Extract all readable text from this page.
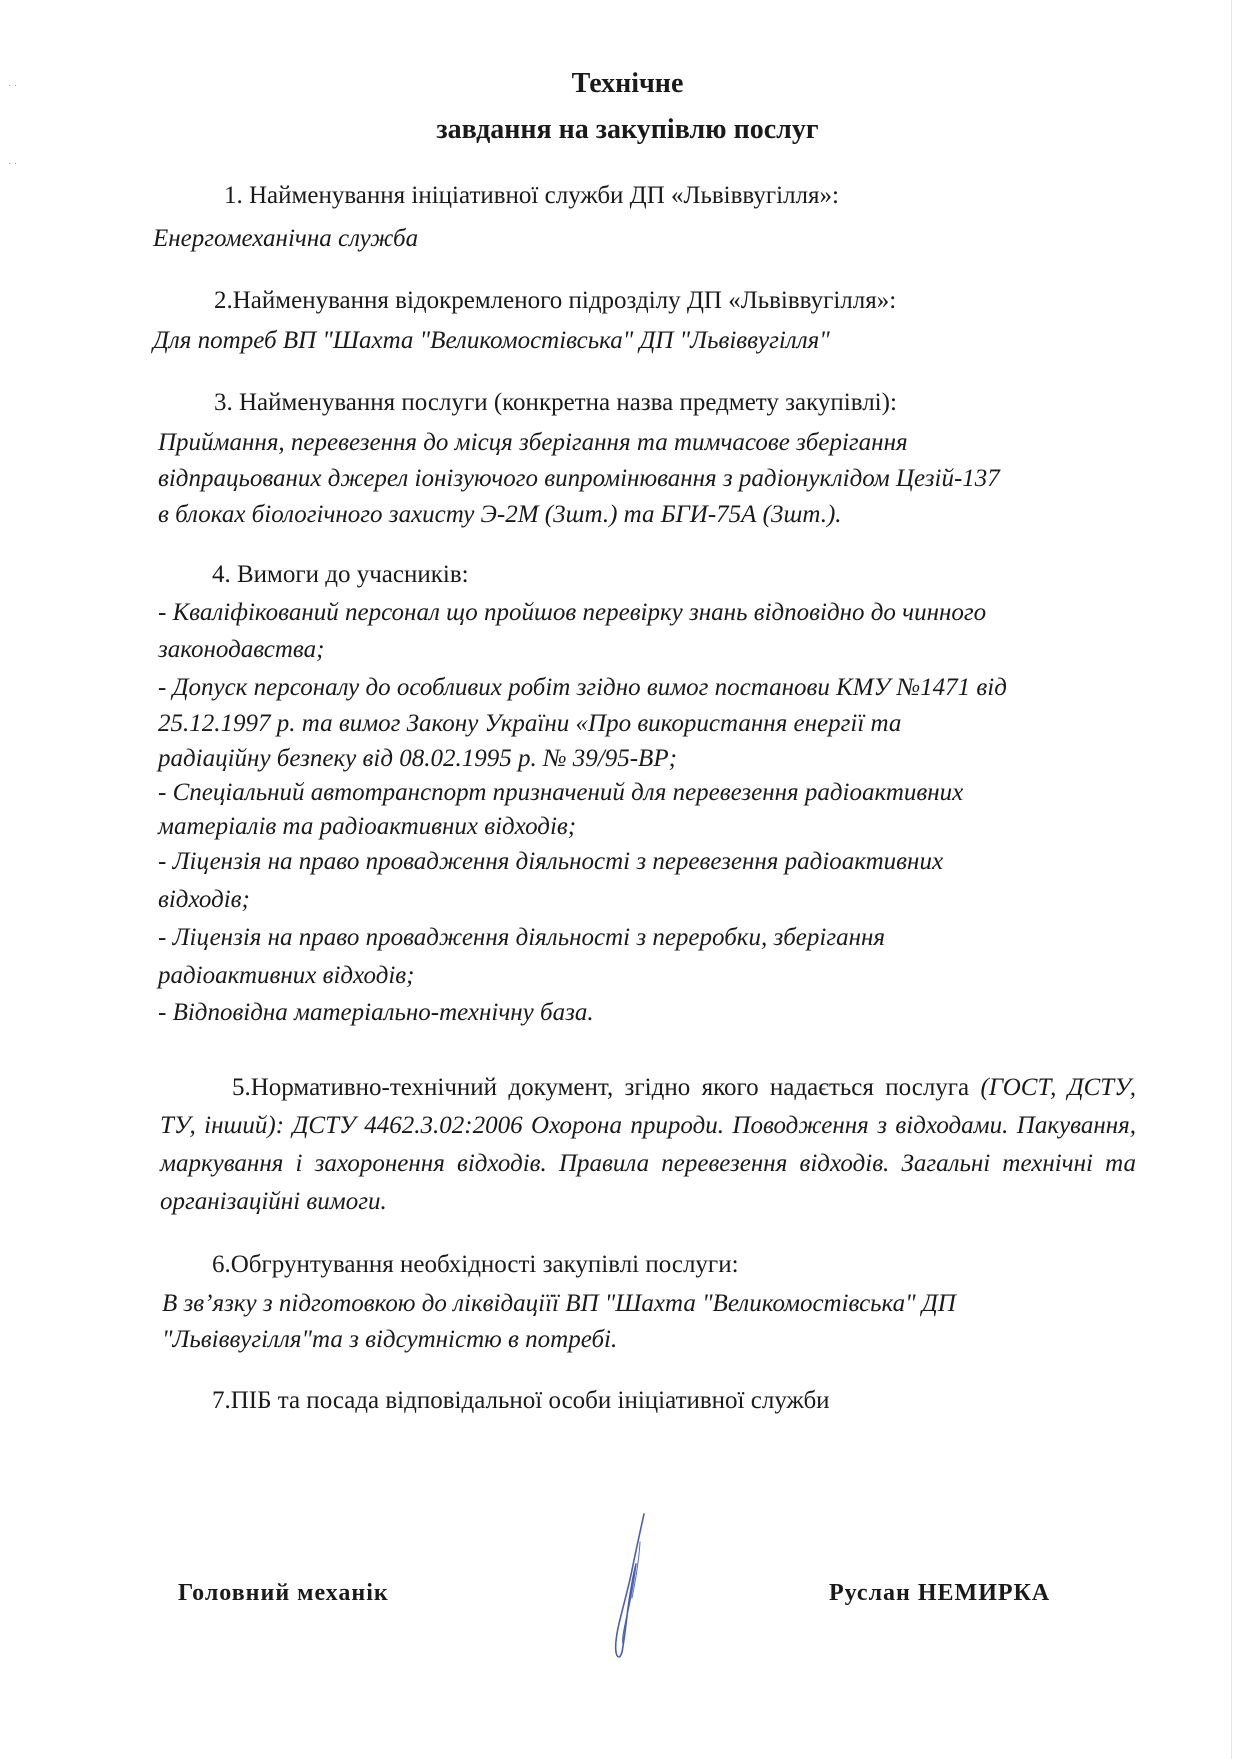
· ·
· ·
Технічне
завдання на закупівлю послуг

1. Найменування ініціативної служби ДП «Львіввугілля»:

Енергомеханічна служба

2.Найменування відокремленого підрозділу ДП «Львіввугілля»:

Для потреб ВП "Шахта "Великомостівська" ДП "Львіввугілля"

3. Найменування послуги (конкретна назва предмету закупівлі):

Приймання, перевезення до місця зберігання та тимчасове зберігання

відпрацьованих джерел іонізуючого випромінювання з радіонуклідом Цезій-137

в блоках біологічного захисту Э-2М (3шт.) та БГИ-75А (3шт.).

4. Вимоги до учасників:

- Кваліфікований персонал що пройшов перевірку знань відповідно до чинного

законодавства;

- Допуск персоналу до особливих робіт згідно вимог постанови КМУ №1471 від

25.12.1997 р. та вимог Закону України «Про використання енергії та

радіаційну безпеку від 08.02.1995 р. № 39/95-ВР;

- Спеціальний автотранспорт призначений для перевезення радіоактивних

матеріалів та радіоактивних відходів;

- Ліцензія на право провадження діяльності з перевезення радіоактивних

відходів;

- Ліцензія на право провадження діяльності з переробки, зберігання

радіоактивних відходів;

- Відповідна матеріально-технічну база.

5.Нормативно-технічний документ, згідно якого надається послуга (ГОСТ, ДСТУ, ТУ, інший): ДСТУ 4462.3.02:2006 Охорона природи. Поводження з відходами. Пакування, маркування і захоронення відходів. Правила перевезення відходів. Загальні технічні та організаційні вимоги.

6.Обгрунтування необхідності закупівлі послуги:

В зв’язку з підготовкою до ліквідаціїї ВП "Шахта "Великомостівська" ДП

"Львіввугілля"та з відсутністю в потребі.

7.ПІБ та посада відповідальної особи ініціативної служби

Головний механік	Руслан НЕМИРКА
